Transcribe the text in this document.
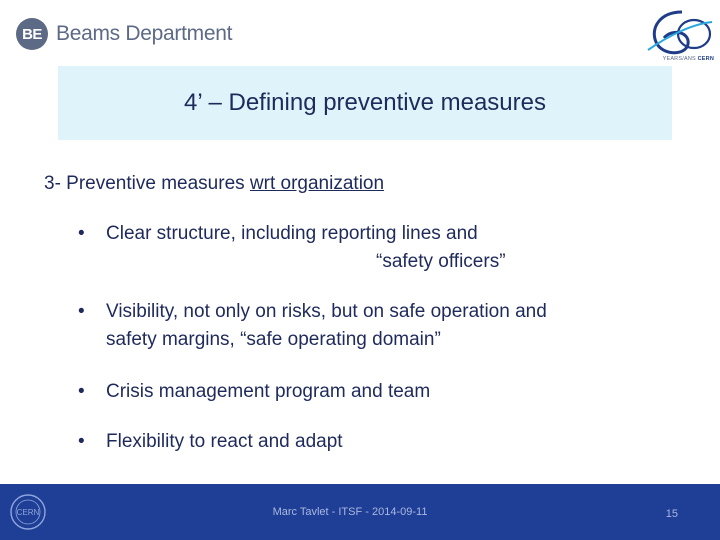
BE Beams Department
YEARS/ANS CERN
4’ – Defining preventive measures
3- Preventive measures wrt organization
•	Clear structure, including reporting lines and
“safety officers”
•	Visibility, not only on risks, but on safe operation and
safety margins, “safe operating domain”
•	Crisis management program and team
•	Flexibility to react and adapt
CERN	Marc Tavlet - ITSF - 2014-09-11	15
